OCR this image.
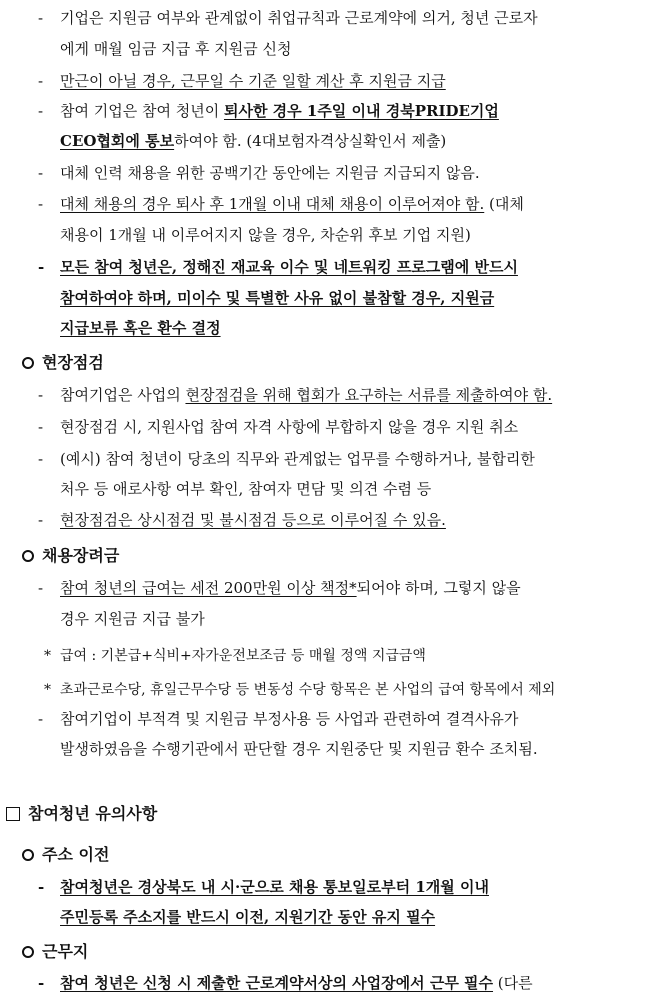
- 기업은 지원금 여부와 관계없이 취업규칙과 근로계약에 의거, 청년 근로자
에게 매월 임금 지급 후 지원금 신청
- 만근이 아닐 경우, 근무일 수 기준 일할 계산 후 지원금 지급
- 참여 기업은 참여 청년이 퇴사한 경우 1주일 이내 경북PRIDE기업
CEO협회에 통보하여야 함. (4대보험자격상실확인서 제출)
- 대체 인력 채용을 위한 공백기간 동안에는 지원금 지급되지 않음.
- 대체 채용의 경우 퇴사 후 1개월 이내 대체 채용이 이루어져야 함. (대체
채용이 1개월 내 이루어지지 않을 경우, 차순위 후보 기업 지원)
- 모든 참여 청년은, 정해진 재교육 이수 및 네트워킹 프로그램에 반드시
참여하여야 하며, 미이수 및 특별한 사유 없이 불참할 경우, 지원금
지급보류 혹은 환수 결정
현장점검
- 참여기업은 사업의 현장점검을 위해 협회가 요구하는 서류를 제출하여야 함.
- 현장점검 시, 지원사업 참여 자격 사항에 부합하지 않을 경우 지원 취소
- (예시) 참여 청년이 당초의 직무와 관계없는 업무를 수행하거나, 불합리한
처우 등 애로사항 여부 확인, 참여자 면담 및 의견 수렴 등
- 현장점검은 상시점검 및 불시점검 등으로 이루어질 수 있음.
채용장려금
- 참여 청년의 급여는 세전 200만원 이상 책정*되어야 하며, 그렇지 않을
경우 지원금 지급 불가
* 급여 : 기본급+식비+자가운전보조금 등 매월 정액 지급금액
* 초과근로수당, 휴일근무수당 등 변동성 수당 항목은 본 사업의 급여 항목에서 제외
- 참여기업이 부적격 및 지원금 부정사용 등 사업과 관련하여 결격사유가
발생하였음을 수행기관에서 판단할 경우 지원중단 및 지원금 환수 조치됨.
참여청년 유의사항
주소 이전
- 참여청년은 경상북도 내 시·군으로 채용 통보일로부터 1개월 이내
주민등록 주소지를 반드시 이전, 지원기간 동안 유지 필수
근무지
- 참여 청년은 신청 시 제출한 근로계약서상의 사업장에서 근무 필수 (다른
